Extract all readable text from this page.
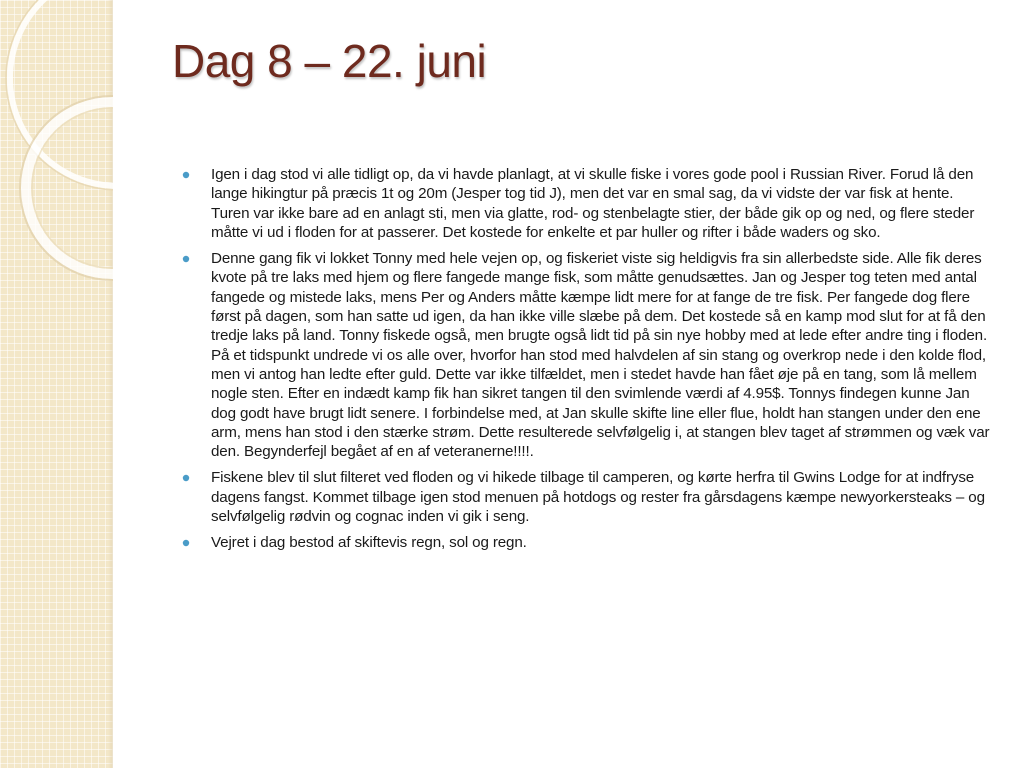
Dag 8 – 22. juni
Igen i dag stod vi alle tidligt op, da vi havde planlagt, at vi skulle fiske i vores gode pool i Russian River. Forud lå den lange hikingtur på præcis 1t og 20m (Jesper tog tid J), men det var en smal sag, da vi vidste der var fisk at hente. Turen var ikke bare ad en anlagt sti, men via glatte, rod- og stenbelagte stier, der både gik op og ned, og flere steder måtte vi ud i floden for at passerer. Det kostede for enkelte et par huller og rifter i både waders og sko.
Denne gang fik vi lokket Tonny med hele vejen op, og fiskeriet viste sig heldigvis fra sin allerbedste side. Alle fik deres kvote på tre laks med hjem og flere fangede mange fisk, som måtte genudsættes. Jan og Jesper tog teten med antal fangede og mistede laks, mens Per og Anders måtte kæmpe lidt mere for at fange de tre fisk. Per fangede dog flere først på dagen, som han satte ud igen, da han ikke ville slæbe på dem. Det kostede så en kamp mod slut for at få den tredje laks på land. Tonny fiskede også, men brugte også lidt tid på sin nye hobby med at lede efter andre ting i floden. På et tidspunkt undrede vi os alle over, hvorfor han stod med halvdelen af sin stang og overkrop nede i den kolde flod, men vi antog han ledte efter guld. Dette var ikke tilfældet, men i stedet havde han fået øje på en tang, som lå mellem nogle sten. Efter en indædt kamp fik han sikret tangen til den svimlende værdi af 4.95$. Tonnys findegen kunne Jan dog godt have brugt lidt senere. I forbindelse med, at Jan skulle skifte line eller flue, holdt han stangen under den ene arm, mens han stod i den stærke strøm. Dette resulterede selvfølgelig i, at stangen blev taget af strømmen og væk var den. Begynderfejl begået af en af veteranerne!!!!.
Fiskene blev til slut filteret ved floden og vi hikede tilbage til camperen, og kørte herfra til Gwins Lodge for at indfryse dagens fangst. Kommet tilbage igen stod menuen på hotdogs og rester fra gårsdagens kæmpe newyorkersteaks – og selvfølgelig rødvin og cognac inden vi gik i seng.
Vejret i dag bestod af skiftevis regn, sol og regn.
